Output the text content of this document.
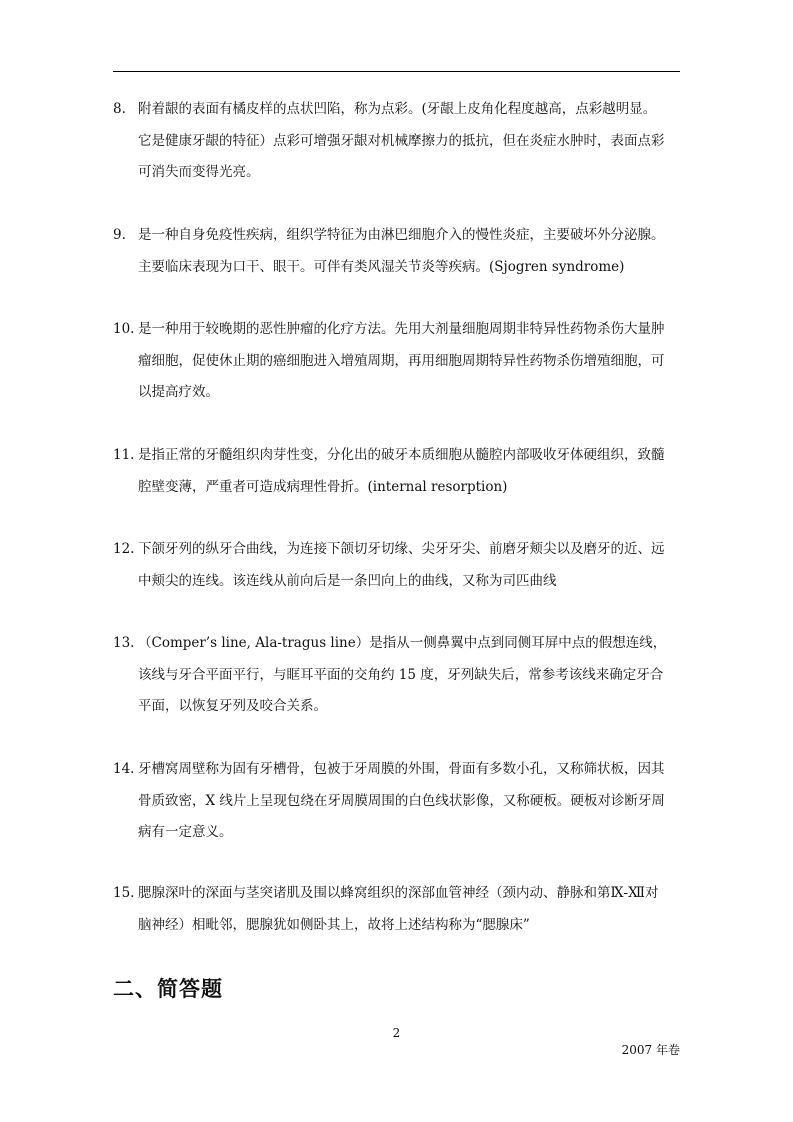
8. 附着龈的表面有橘皮样的点状凹陷，称为点彩。(牙龈上皮角化程度越高，点彩越明显。

它是健康牙龈的特征）点彩可增强牙龈对机械摩擦力的抵抗，但在炎症水肿时，表面点彩

可消失而变得光亮。

9. 是一种自身免疫性疾病，组织学特征为由淋巴细胞介入的慢性炎症，主要破坏外分泌腺。

主要临床表现为口干、眼干。可伴有类风湿关节炎等疾病。(Sjogren syndrome)

10. 是一种用于较晚期的恶性肿瘤的化疗方法。先用大剂量细胞周期非特异性药物杀伤大量肿

瘤细胞，促使休止期的癌细胞进入增殖周期，再用细胞周期特异性药物杀伤增殖细胞，可

以提高疗效。

11. 是指正常的牙髓组织肉芽性变，分化出的破牙本质细胞从髓腔内部吸收牙体硬组织，致髓

腔壁变薄，严重者可造成病理性骨折。(internal resorption)

12. 下颌牙列的纵牙合曲线，为连接下颌切牙切缘、尖牙牙尖、前磨牙颊尖以及磨牙的近、远

中颊尖的连线。该连线从前向后是一条凹向上的曲线，又称为司匹曲线

13. （Comper’s line, Ala-tragus line）是指从一侧鼻翼中点到同侧耳屏中点的假想连线，

该线与牙合平面平行，与眶耳平面的交角约 15 度，牙列缺失后，常参考该线来确定牙合

平面，以恢复牙列及咬合关系。

14. 牙槽窝周壁称为固有牙槽骨，包被于牙周膜的外围，骨面有多数小孔，又称筛状板，因其

骨质致密，X 线片上呈现包绕在牙周膜周围的白色线状影像，又称硬板。硬板对诊断牙周

病有一定意义。

15. 腮腺深叶的深面与茎突诸肌及围以蜂窝组织的深部血管神经（颈内动、静脉和第Ⅸ-Ⅻ对

脑神经）相毗邻，腮腺犹如侧卧其上，故将上述结构称为“腮腺床”

二、简答题
2
2007 年卷
